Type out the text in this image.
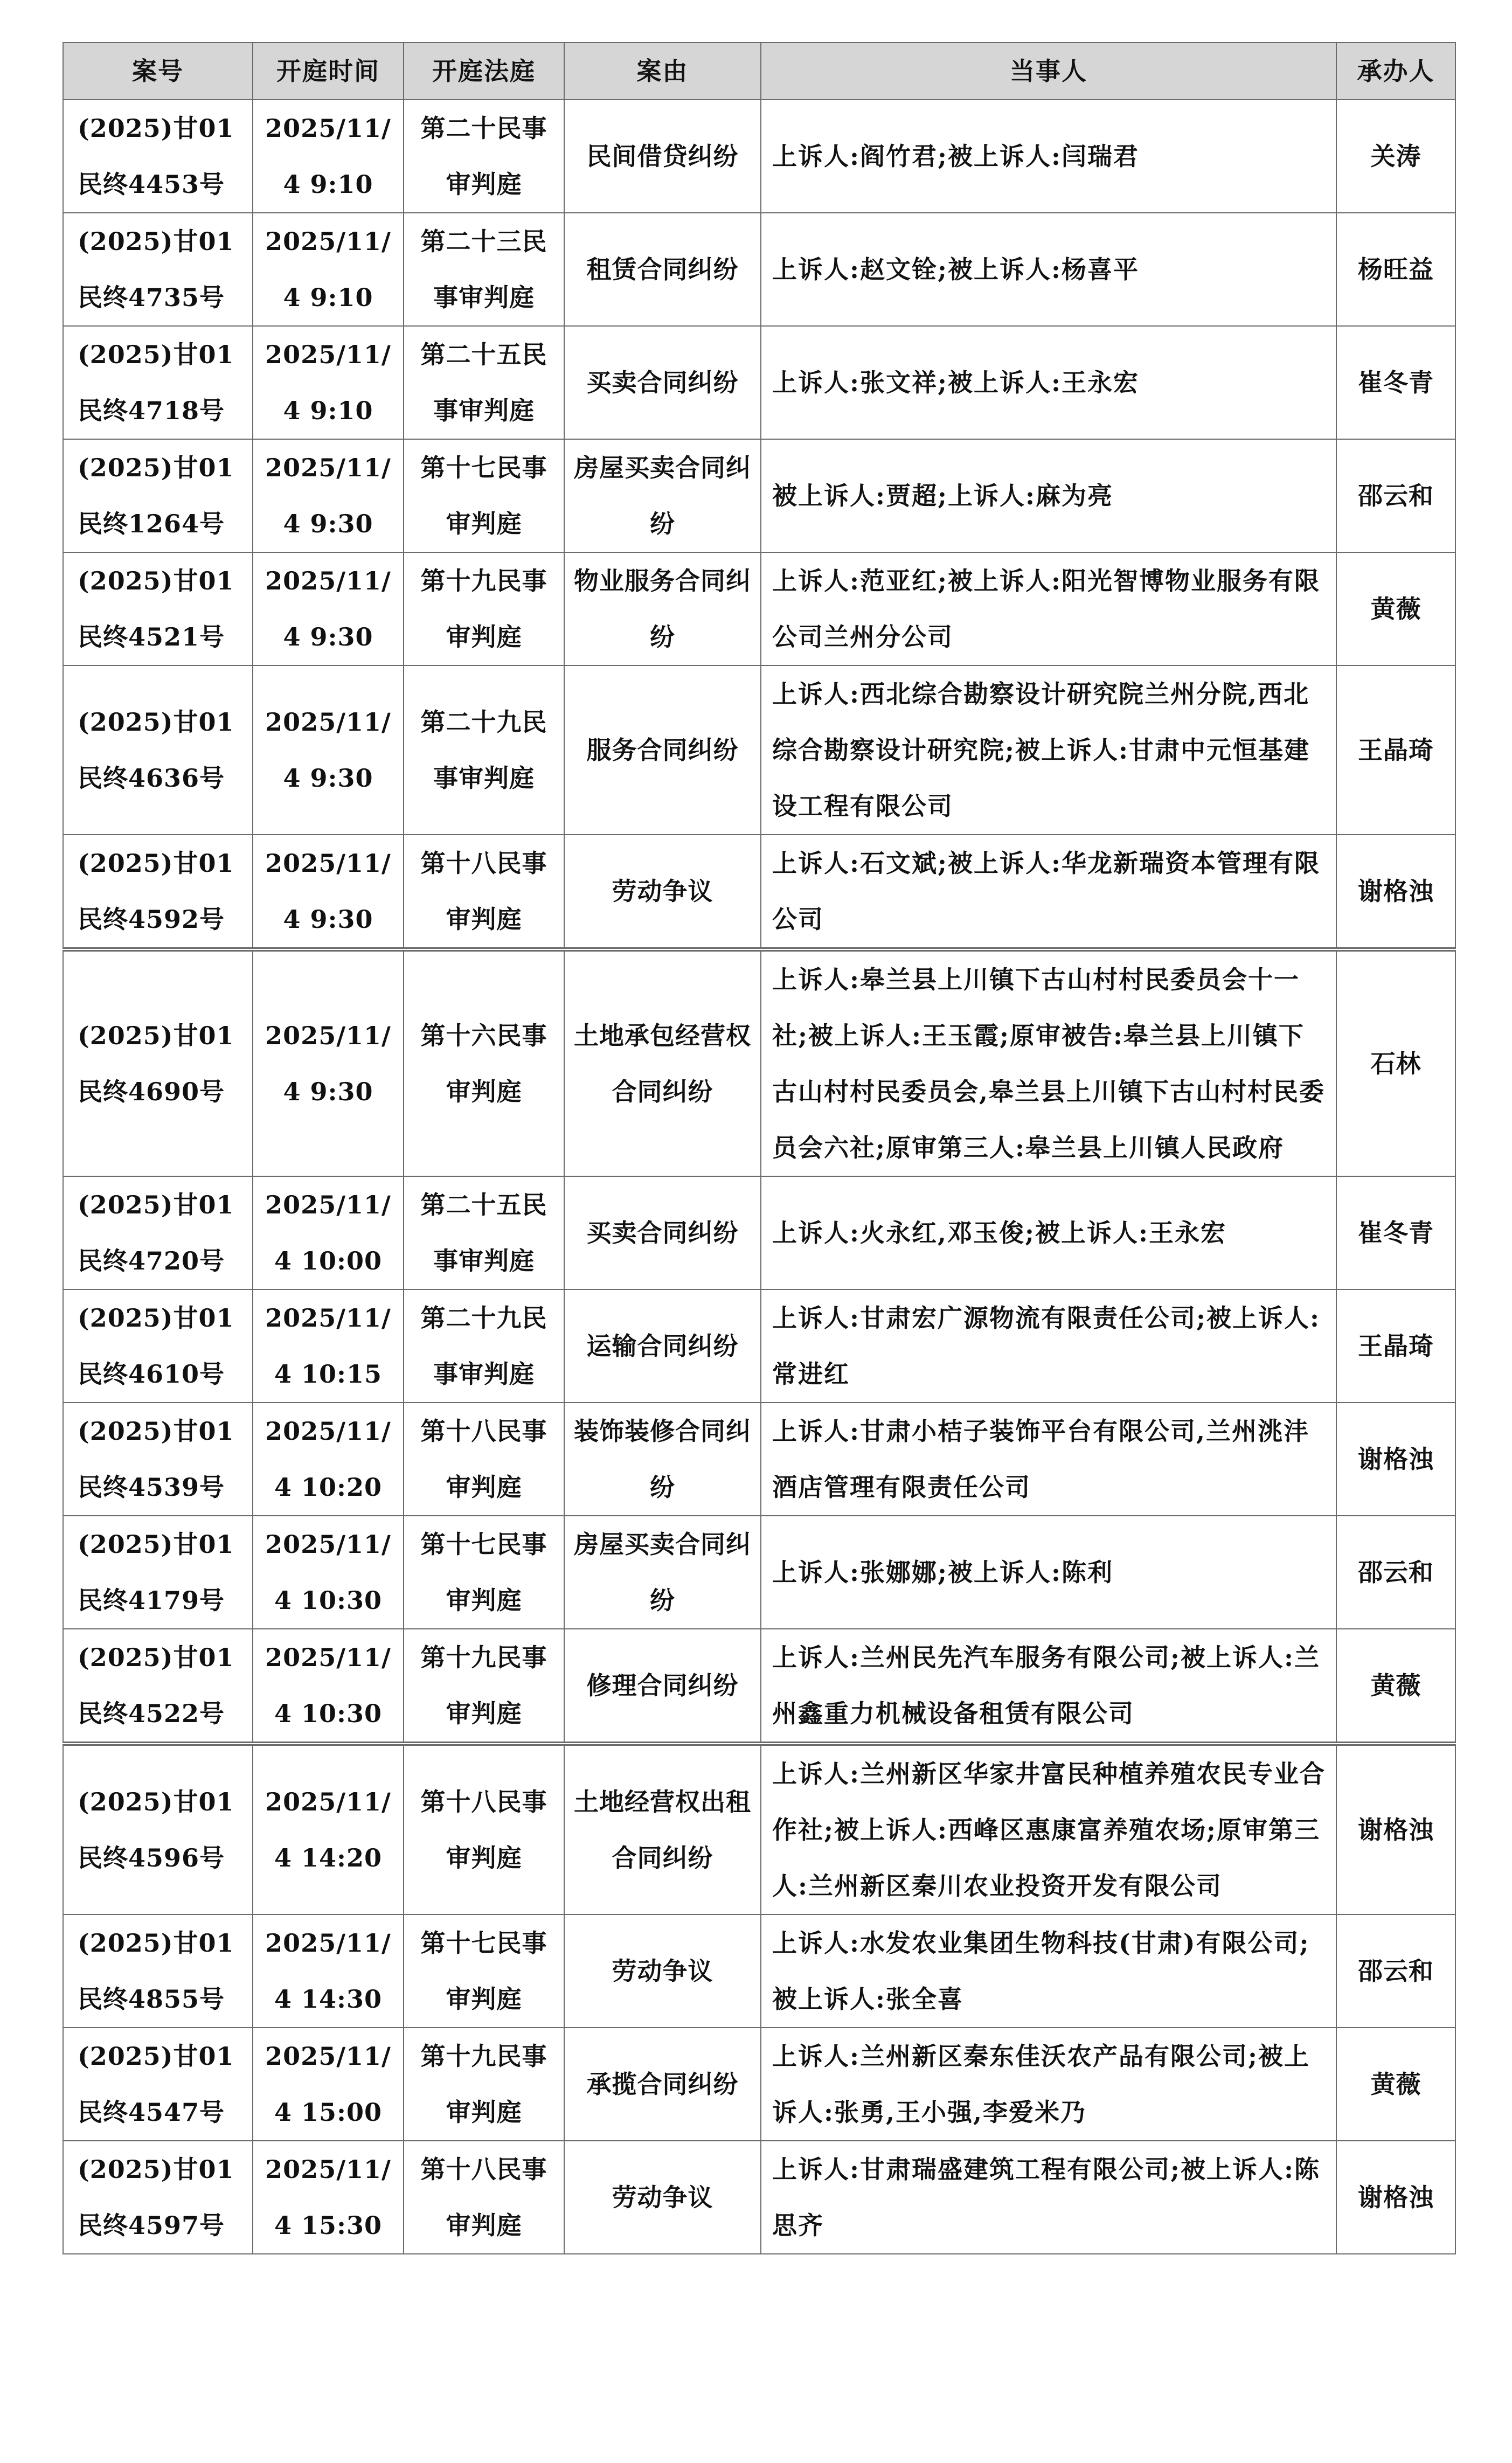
案号	开庭时间	开庭法庭	案由	当事人	承办人
(2025)甘01民终4453号	2025/11/4 9:10	第二十民事审判庭	民间借贷纠纷	上诉人:阎竹君;被上诉人:闫瑞君	关涛
(2025)甘01民终4735号	2025/11/4 9:10	第二十三民事审判庭	租赁合同纠纷	上诉人:赵文铨;被上诉人:杨喜平	杨旺益
(2025)甘01民终4718号	2025/11/4 9:10	第二十五民事审判庭	买卖合同纠纷	上诉人:张文祥;被上诉人:王永宏	崔冬青
(2025)甘01民终1264号	2025/11/4 9:30	第十七民事审判庭	房屋买卖合同纠纷	被上诉人:贾超;上诉人:麻为亮	邵云和
(2025)甘01民终4521号	2025/11/4 9:30	第十九民事审判庭	物业服务合同纠纷	上诉人:范亚红;被上诉人:阳光智博物业服务有限公司兰州分公司	黄薇
(2025)甘01民终4636号	2025/11/4 9:30	第二十九民事审判庭	服务合同纠纷	上诉人:西北综合勘察设计研究院兰州分院,西北综合勘察设计研究院;被上诉人:甘肃中元恒基建设工程有限公司	王晶琦
(2025)甘01民终4592号	2025/11/4 9:30	第十八民事审判庭	劳动争议	上诉人:石文斌;被上诉人:华龙新瑞资本管理有限公司	谢格浊
(2025)甘01民终4690号	2025/11/4 9:30	第十六民事审判庭	土地承包经营权合同纠纷	上诉人:皋兰县上川镇下古山村村民委员会十一社;被上诉人:王玉霞;原审被告:皋兰县上川镇下古山村村民委员会,皋兰县上川镇下古山村村民委员会六社;原审第三人:皋兰县上川镇人民政府	石林
(2025)甘01民终4720号	2025/11/4 10:00	第二十五民事审判庭	买卖合同纠纷	上诉人:火永红,邓玉俊;被上诉人:王永宏	崔冬青
(2025)甘01民终4610号	2025/11/4 10:15	第二十九民事审判庭	运输合同纠纷	上诉人:甘肃宏广源物流有限责任公司;被上诉人:常进红	王晶琦
(2025)甘01民终4539号	2025/11/4 10:20	第十八民事审判庭	装饰装修合同纠纷	上诉人:甘肃小桔子装饰平台有限公司,兰州洮沣酒店管理有限责任公司	谢格浊
(2025)甘01民终4179号	2025/11/4 10:30	第十七民事审判庭	房屋买卖合同纠纷	上诉人:张娜娜;被上诉人:陈利	邵云和
(2025)甘01民终4522号	2025/11/4 10:30	第十九民事审判庭	修理合同纠纷	上诉人:兰州民先汽车服务有限公司;被上诉人:兰州鑫重力机械设备租赁有限公司	黄薇
(2025)甘01民终4596号	2025/11/4 14:20	第十八民事审判庭	土地经营权出租合同纠纷	上诉人:兰州新区华家井富民种植养殖农民专业合作社;被上诉人:西峰区惠康富养殖农场;原审第三人:兰州新区秦川农业投资开发有限公司	谢格浊
(2025)甘01民终4855号	2025/11/4 14:30	第十七民事审判庭	劳动争议	上诉人:水发农业集团生物科技(甘肃)有限公司;被上诉人:张全喜	邵云和
(2025)甘01民终4547号	2025/11/4 15:00	第十九民事审判庭	承揽合同纠纷	上诉人:兰州新区秦东佳沃农产品有限公司;被上诉人:张勇,王小强,李爱米乃	黄薇
(2025)甘01民终4597号	2025/11/4 15:30	第十八民事审判庭	劳动争议	上诉人:甘肃瑞盛建筑工程有限公司;被上诉人:陈思齐	谢格浊
